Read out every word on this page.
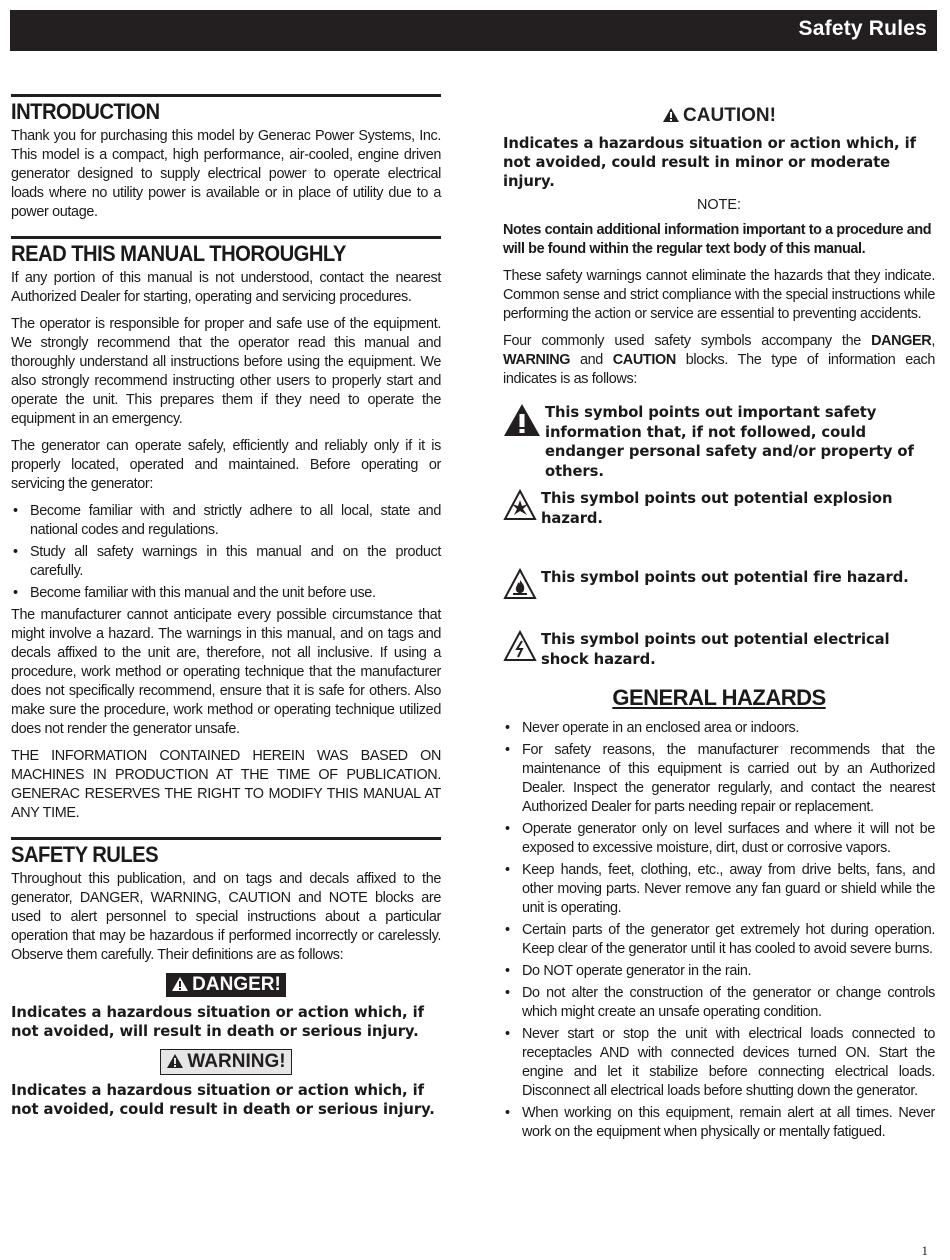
Safety Rules
INTRODUCTION

Thank you for purchasing this model by Generac Power Systems, Inc. This model is a compact, high performance, air-cooled, engine driven generator designed to supply electrical power to operate electrical loads where no utility power is available or in place of utility due to a power outage.

READ THIS MANUAL THOROUGHLY

If any portion of this manual is not understood, contact the nearest Authorized Dealer for starting, operating and servicing procedures.

The operator is responsible for proper and safe use of the equipment. We strongly recommend that the operator read this manual and thoroughly understand all instructions before using the equipment. We also strongly recommend instructing other users to properly start and operate the unit. This prepares them if they need to operate the equipment in an emergency.

The generator can operate safely, efficiently and reliably only if it is properly located, operated and maintained. Before operating or servicing the generator:

• Become familiar with and strictly adhere to all local, state and national codes and regulations.
• Study all safety warnings in this manual and on the product carefully.
• Become familiar with this manual and the unit before use.

The manufacturer cannot anticipate every possible circumstance that might involve a hazard. The warnings in this manual, and on tags and decals affixed to the unit are, therefore, not all inclusive. If using a procedure, work method or operating technique that the manufacturer does not specifically recommend, ensure that it is safe for others. Also make sure the procedure, work method or operating technique utilized does not render the generator unsafe.

THE INFORMATION CONTAINED HEREIN WAS BASED ON MACHINES IN PRODUCTION AT THE TIME OF PUBLICATION. GENERAC RESERVES THE RIGHT TO MODIFY THIS MANUAL AT ANY TIME.

SAFETY RULES

Throughout this publication, and on tags and decals affixed to the generator, DANGER, WARNING, CAUTION and NOTE blocks are used to alert personnel to special instructions about a particular operation that may be hazardous if performed incorrectly or carelessly. Observe them carefully. Their definitions are as follows:

DANGER!
Indicates a hazardous situation or action which, if not avoided, will result in death or serious injury.
WARNING!
Indicates a hazardous situation or action which, if not avoided, could result in death or serious injury.
CAUTION!
Indicates a hazardous situation or action which, if not avoided, could result in minor or moderate injury.
NOTE:
Notes contain additional information important to a procedure and will be found within the regular text body of this manual.

These safety warnings cannot eliminate the hazards that they indicate. Common sense and strict compliance with the special instructions while performing the action or service are essential to preventing accidents.

Four commonly used safety symbols accompany the DANGER, WARNING and CAUTION blocks. The type of information each indicates is as follows:

This symbol points out important safety information that, if not followed, could endanger personal safety and/or property of others.
This symbol points out potential explosion hazard.
This symbol points out potential fire hazard.
This symbol points out potential electrical shock hazard.
GENERAL HAZARDS
• Never operate in an enclosed area or indoors.
• For safety reasons, the manufacturer recommends that the maintenance of this equipment is carried out by an Authorized Dealer. Inspect the generator regularly, and contact the nearest Authorized Dealer for parts needing repair or replacement.
• Operate generator only on level surfaces and where it will not be exposed to excessive moisture, dirt, dust or corrosive vapors.
• Keep hands, feet, clothing, etc., away from drive belts, fans, and other moving parts. Never remove any fan guard or shield while the unit is operating.
• Certain parts of the generator get extremely hot during operation. Keep clear of the generator until it has cooled to avoid severe burns.
• Do NOT operate generator in the rain.
• Do not alter the construction of the generator or change controls which might create an unsafe operating condition.
• Never start or stop the unit with electrical loads connected to receptacles AND with connected devices turned ON. Start the engine and let it stabilize before connecting electrical loads. Disconnect all electrical loads before shutting down the generator.
• When working on this equipment, remain alert at all times. Never work on the equipment when physically or mentally fatigued.
1
